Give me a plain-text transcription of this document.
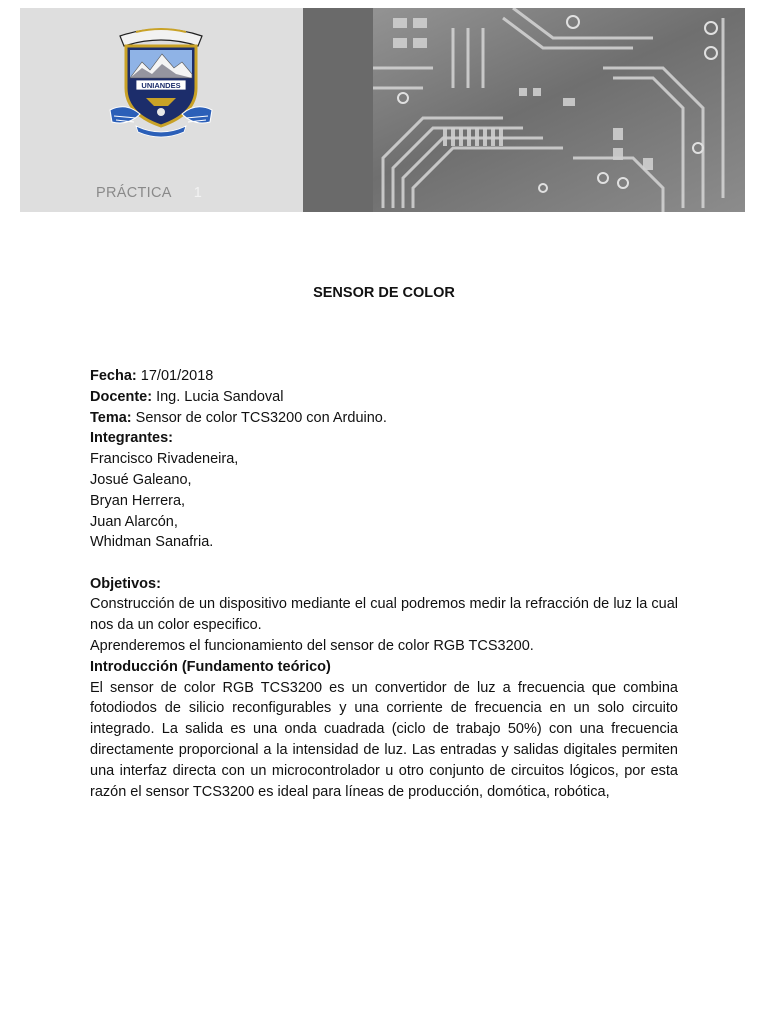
UNIANDES
PRÁCTICA 1
SENSOR DE COLOR

Fecha: 17/01/2018

Docente: Ing. Lucia Sandoval

Tema: Sensor de color TCS3200 con Arduino.

Integrantes:
Francisco Rivadeneira,
Josué Galeano,
Bryan Herrera,
Juan Alarcón,
Whidman Sanafria.
Objetivos:
Construcción de un dispositivo mediante el cual podremos medir la refracción de luz la cual nos da un color especifico.
Aprenderemos el funcionamiento del sensor de color RGB TCS3200.

Introducción (Fundamento teórico)

El sensor de color RGB TCS3200 es un convertidor de luz a frecuencia que combina fotodiodos de silicio reconfigurables y una corriente de frecuencia en un solo circuito integrado. La salida es una onda cuadrada (ciclo de trabajo 50%) con una frecuencia directamente proporcional a la intensidad de luz. Las entradas y salidas digitales permiten una interfaz directa con un microcontrolador u otro conjunto de circuitos lógicos, por esta razón el sensor TCS3200 es ideal para líneas de producción, domótica, robótica,
